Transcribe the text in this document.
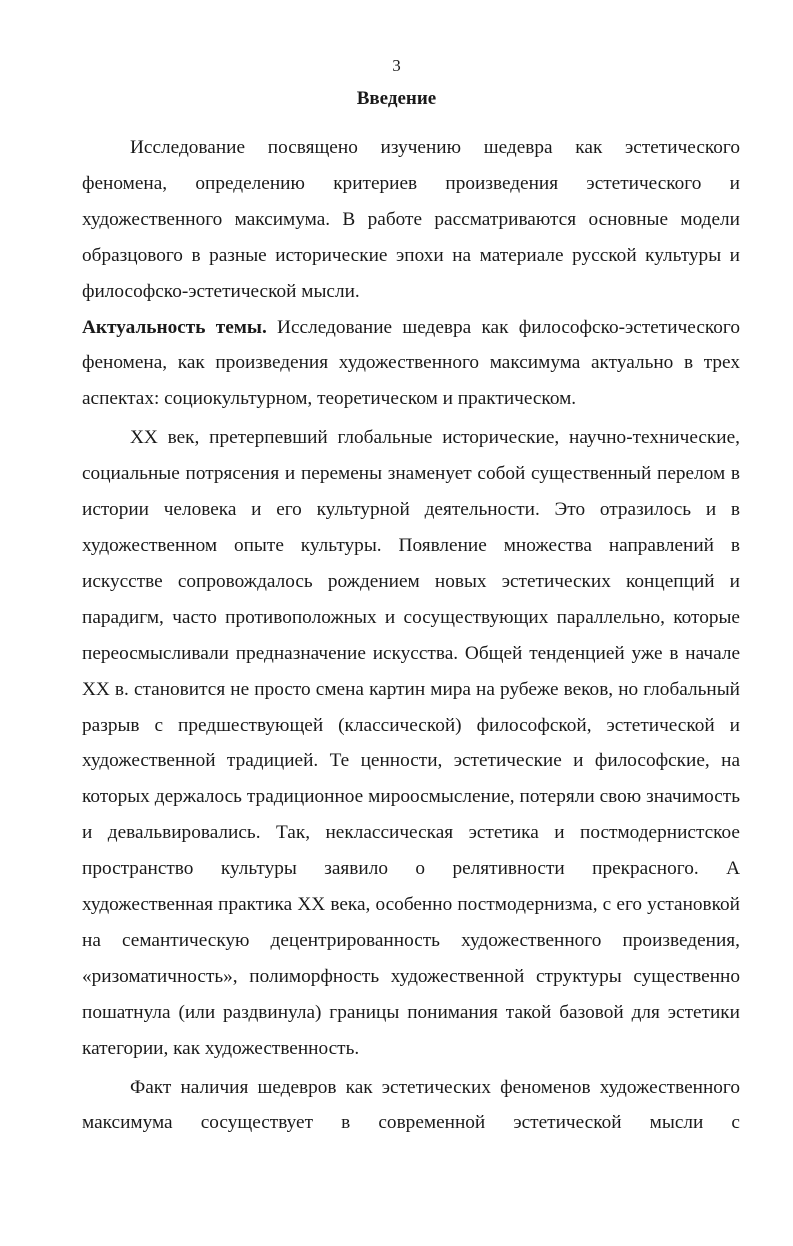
3
Введение

Исследование посвящено изучению шедевра как эстетического феномена, определению критериев произведения эстетического и художественного максимума. В работе рассматриваются основные модели образцового в разные исторические эпохи на материале русской культуры и философско-эстетической мысли.

Актуальность темы. Исследование шедевра как философско-эстетического феномена, как произведения художественного максимума актуально в трех аспектах: социокультурном, теоретическом и практическом.

XX век, претерпевший глобальные исторические, научно-технические, социальные потрясения и перемены знаменует собой существенный перелом в истории человека и его культурной деятельности. Это отразилось и в художественном опыте культуры. Появление множества направлений в искусстве сопровождалось рождением новых эстетических концепций и парадигм, часто противоположных и сосуществующих параллельно, которые переосмысливали предназначение искусства. Общей тенденцией уже в начале XX в. становится не просто смена картин мира на рубеже веков, но глобальный разрыв с предшествующей (классической) философской, эстетической и художественной традицией. Те ценности, эстетические и философские, на которых держалось традиционное мироосмысление, потеряли свою значимость и девальвировались. Так, неклассическая эстетика и постмодернистское пространство культуры заявило о релятивности прекрасного. А художественная практика XX века, особенно постмодернизма, с его установкой на семантическую децентрированность художественного произведения, «ризоматичность», полиморфность художественной структуры существенно пошатнула (или раздвинула) границы понимания такой базовой для эстетики категории, как художественность.

Факт наличия шедевров как эстетических феноменов художественного максимума сосуществует в современной эстетической мысли с
